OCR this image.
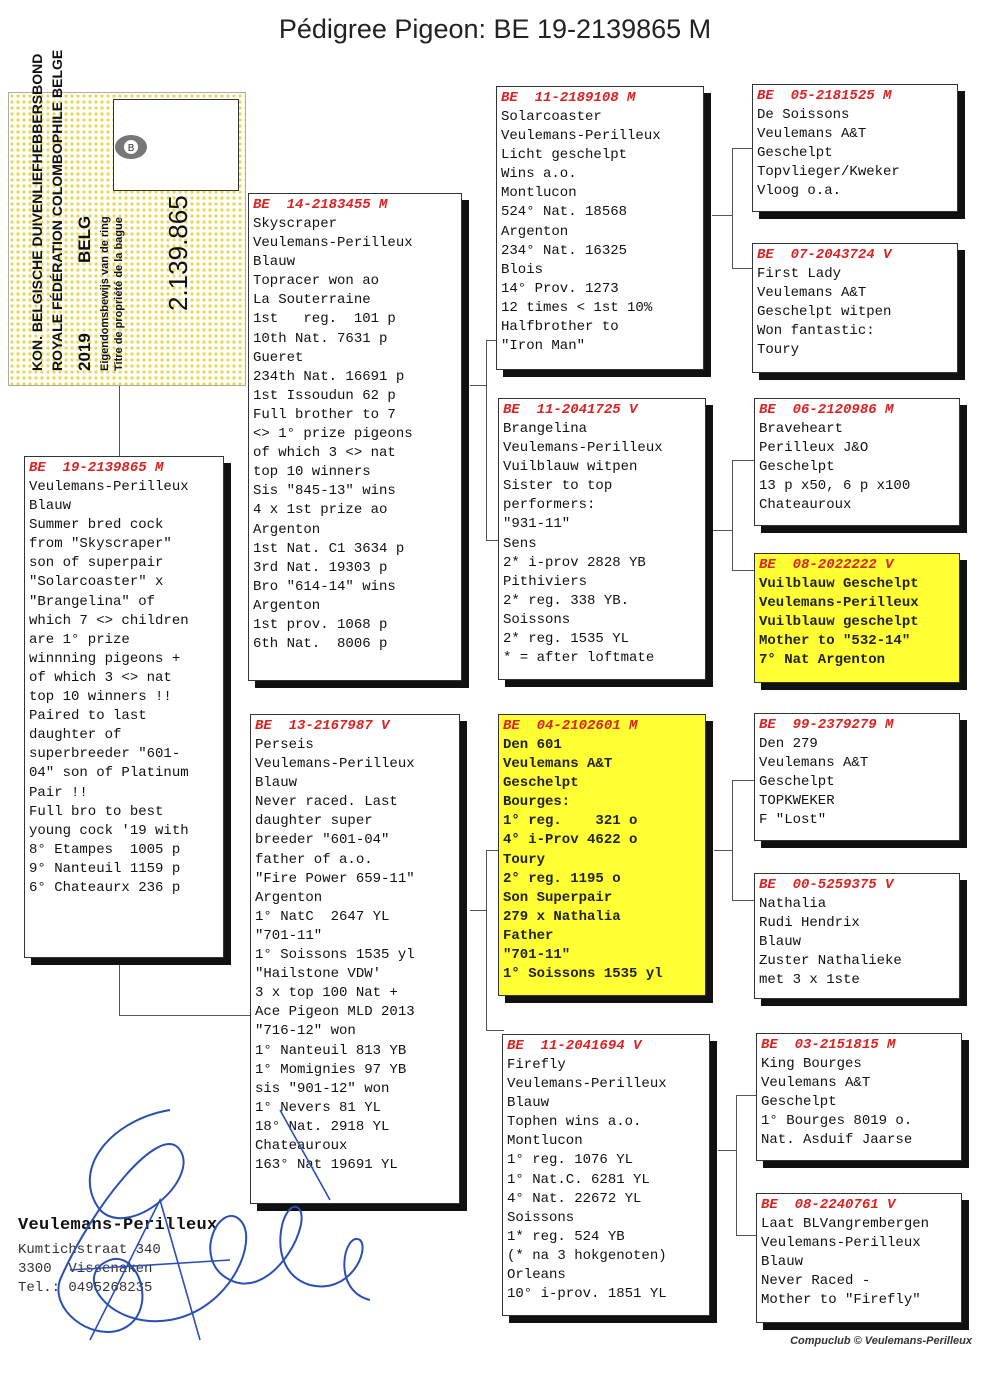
Pédigree Pigeon: BE 19-2139865 M
B
KON. BELGISCHE DUIVENLIEFHEBBERSBOND ROYALE FÉDÉRATION COLOMBOPHILE BELGE 2019
BELG Eigendomsbewijs van de ring Titre de propriété de la bague 2.139.865
BE  19-2139865 M
Veulemans-Perilleux
Blauw
Summer bred cock
from "Skyscraper"
son of superpair
"Solarcoaster" x
"Brangelina" of
which 7 <> children
are 1° prize
winnning pigeons +
of which 3 <> nat
top 10 winners !!
Paired to last
daughter of
superbreeder "601-
04" son of Platinum
Pair !!
Full bro to best
young cock '19 with
8° Etampes  1005 p
9° Nanteuil 1159 p
6° Chateaurx 236 p
BE  14-2183455 M
Skyscraper
Veulemans-Perilleux
Blauw
Topracer won ao
La Souterraine
1st   reg.  101 p
10th Nat. 7631 p
Gueret
234th Nat. 16691 p
1st Issoudun 62 p
Full brother to 7
<> 1° prize pigeons
of which 3 <> nat
top 10 winners
Sis "845-13" wins
4 x 1st prize ao
Argenton
1st Nat. C1 3634 p
3rd Nat. 19303 p
Bro "614-14" wins
Argenton
1st prov. 1068 p
6th Nat.  8006 p
BE  13-2167987 V
Perseis
Veulemans-Perilleux
Blauw
Never raced. Last
daughter super
breeder "601-04"
father of a.o.
"Fire Power 659-11"
Argenton
1° NatC  2647 YL
"701-11"
1° Soissons 1535 yl
"Hailstone VDW'
3 x top 100 Nat +
Ace Pigeon MLD 2013
"716-12" won
1° Nanteuil 813 YB
1° Momignies 97 YB
sis "901-12" won
1° Nevers 81 YL
18° Nat. 2918 YL
Chateauroux
163° Nat 19691 YL
BE  11-2189108 M
Solarcoaster
Veulemans-Perilleux
Licht geschelpt
Wins a.o.
Montlucon
524° Nat. 18568
Argenton
234° Nat. 16325
Blois
14° Prov. 1273
12 times < 1st 10%
Halfbrother to
"Iron Man"
BE  11-2041725 V
Brangelina
Veulemans-Perilleux
Vuilblauw witpen
Sister to top
performers:
"931-11"
Sens
2* i-prov 2828 YB
Pithiviers
2* reg. 338 YB.
Soissons
2* reg. 1535 YL
* = after loftmate
BE  04-2102601 M
Den 601
Veulemans A&T
Geschelpt
Bourges:
1° reg.    321 o
4° i-Prov 4622 o
Toury
2° reg. 1195 o
Son Superpair
279 x Nathalia
Father
"701-11"
1° Soissons 1535 yl
BE  11-2041694 V
Firefly
Veulemans-Perilleux
Blauw
Tophen wins a.o.
Montlucon
1° reg. 1076 YL
1° Nat.C. 6281 YL
4° Nat. 22672 YL
Soissons
1* reg. 524 YB
(* na 3 hokgenoten)
Orleans
10° i-prov. 1851 YL
BE  05-2181525 M
De Soissons
Veulemans A&T
Geschelpt
Topvlieger/Kweker
Vloog o.a.
BE  07-2043724 V
First Lady
Veulemans A&T
Geschelpt witpen
Won fantastic:
Toury
BE  06-2120986 M
Braveheart
Perilleux J&O
Geschelpt
13 p x50, 6 p x100
Chateauroux
BE  08-2022222 V
Vuilblauw Geschelpt
Veulemans-Perilleux
Vuilblauw geschelpt
Mother to "532-14"
7° Nat Argenton
BE  99-2379279 M
Den 279
Veulemans A&T
Geschelpt
TOPKWEKER
F "Lost"
BE  00-5259375 V
Nathalia
Rudi Hendrix
Blauw
Zuster Nathalieke
met 3 x 1ste
BE  03-2151815 M
King Bourges
Veulemans A&T
Geschelpt
1° Bourges 8019 o.
Nat. Asduif Jaarse
BE  08-2240761 V
Laat BLVangrembergen
Veulemans-Perilleux
Blauw
Never Raced -
Mother to "Firefly"
Veulemans-Perilleux
Kumtichstraat 340
3300  Vissenaken
Tel.: 0495268235
Compuclub © Veulemans-Perilleux
